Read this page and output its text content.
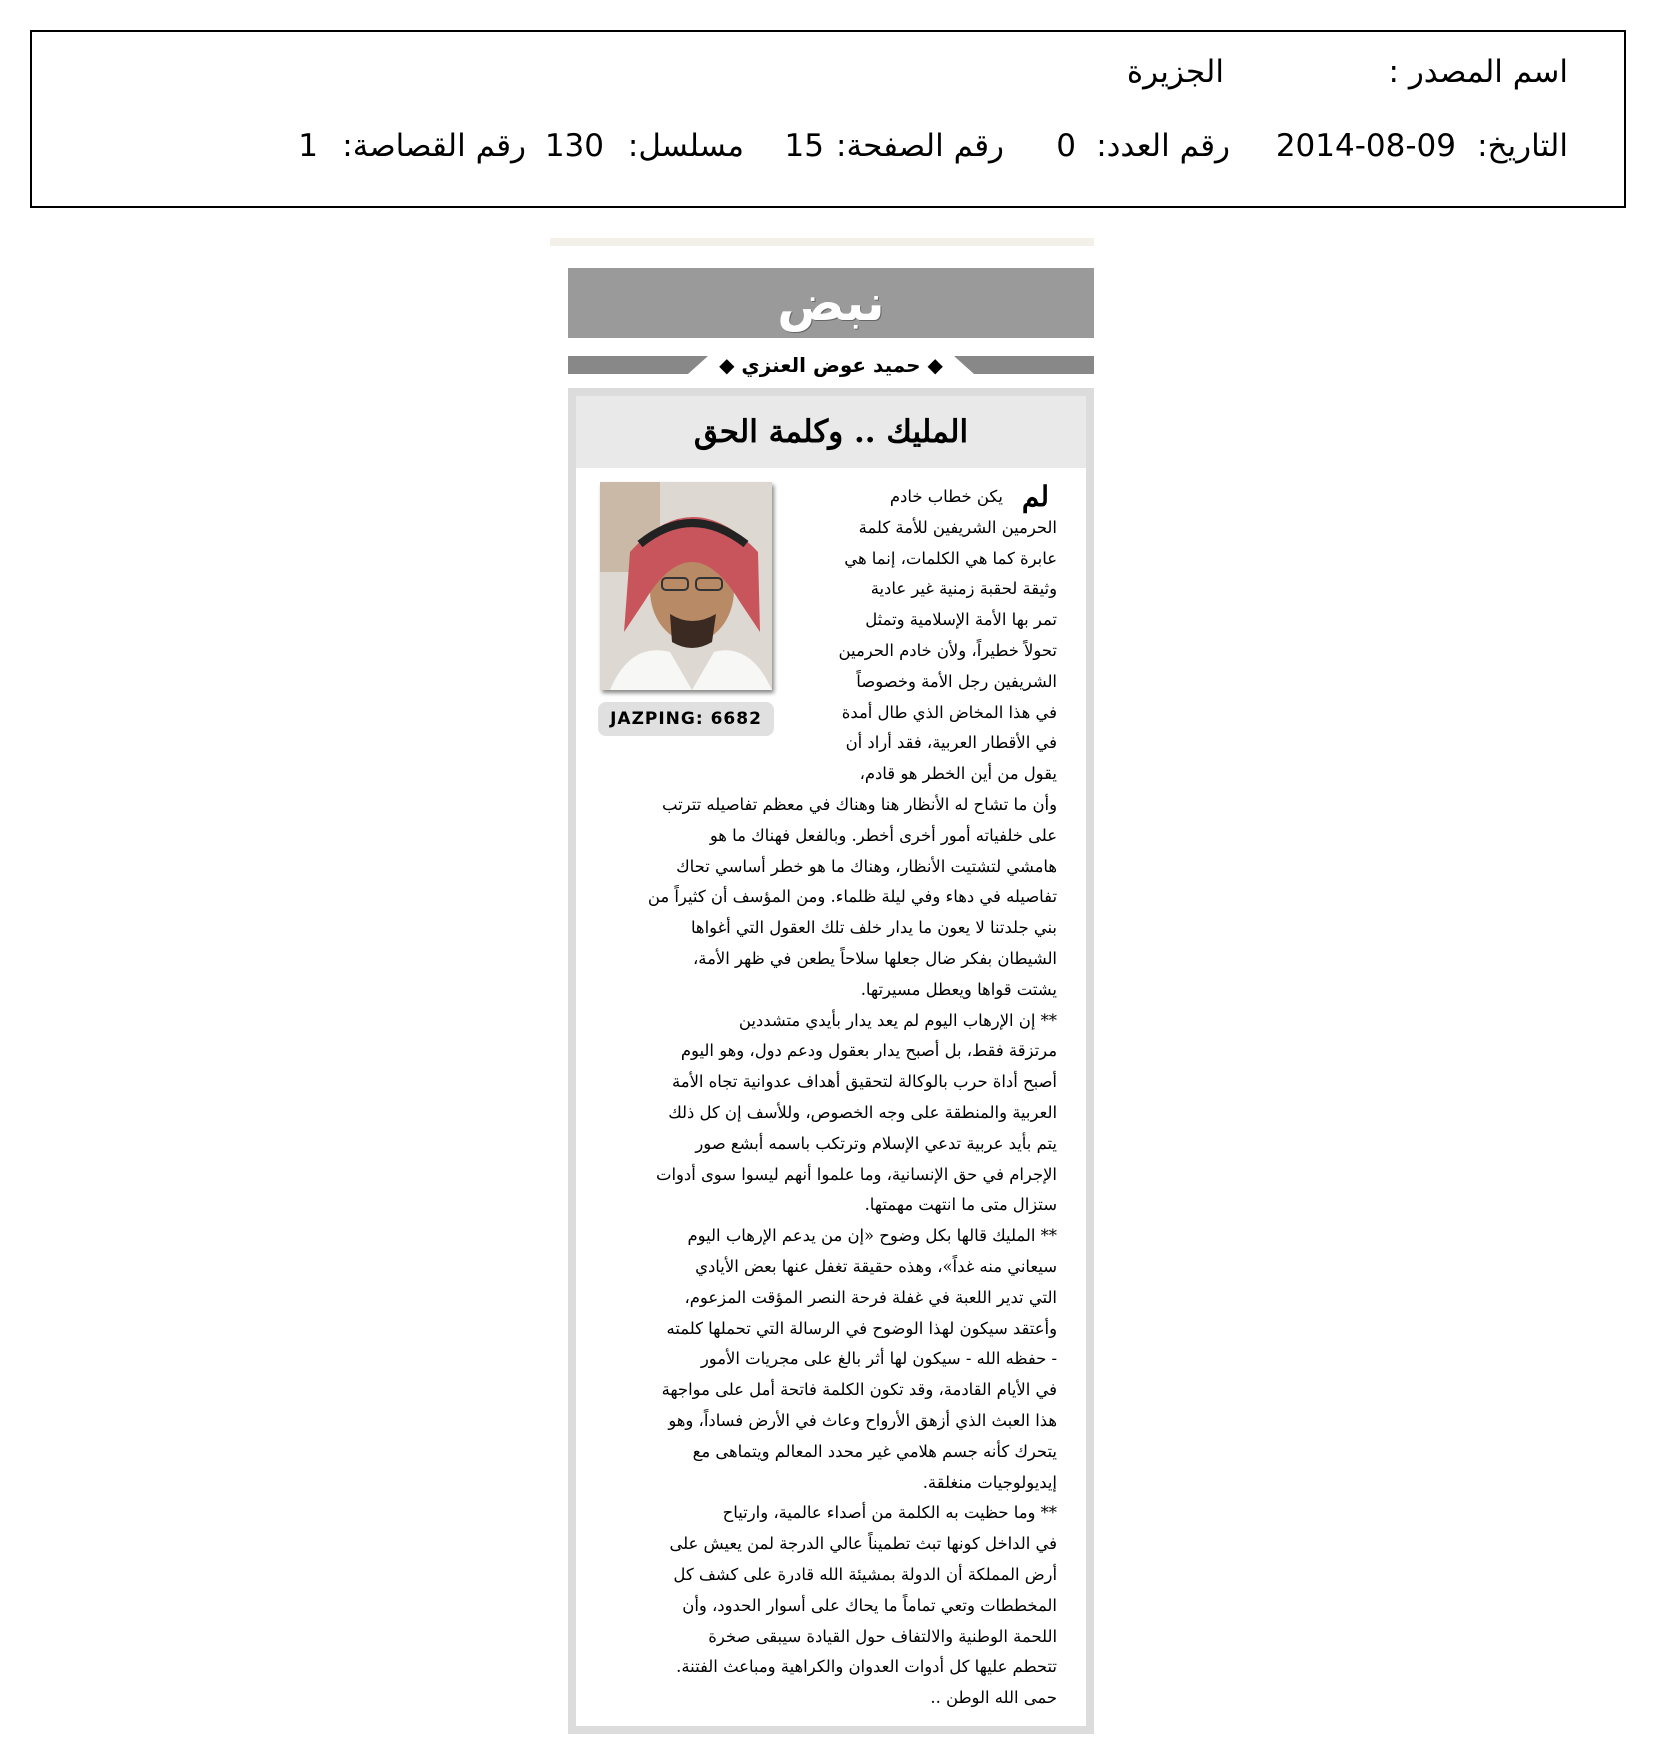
اسم المصدر :
الجزيرة
التاريخ:
2014-08-09
رقم العدد:
0
رقم الصفحة:
15
مسلسل:
130
رقم القصاصة:
1
نبض
◆ حميد عوض العنزي ◆
المليك .. وكلمة الحق
JAZPING: 6682
لم
يكن خطاب خادم
الحرمين الشريفين للأمة كلمة
عابرة كما هي الكلمات، إنما هي
وثيقة لحقبة زمنية غير عادية
تمر بها الأمة الإسلامية وتمثل
تحولاً خطيراً، ولأن خادم الحرمين
الشريفين رجل الأمة وخصوصاً
في هذا المخاض الذي طال أمدة
في الأقطار العربية، فقد أراد أن
يقول من أين الخطر هو قادم،
وأن ما تشاح له الأنظار هنا وهناك في معظم تفاصيله تترتب
على خلفياته أمور أخرى أخطر. وبالفعل فهناك ما هو
هامشي لتشتيت الأنظار، وهناك ما هو خطر أساسي تحاك
تفاصيله في دهاء وفي ليلة ظلماء. ومن المؤسف أن كثيراً من
بني جلدتنا لا يعون ما يدار خلف تلك العقول التي أغواها
الشيطان بفكر ضال جعلها سلاحاً يطعن في ظهر الأمة،
يشتت قواها ويعطل مسيرتها.
** إن الإرهاب اليوم لم يعد يدار بأيدي متشددين
مرتزقة فقط، بل أصبح يدار بعقول ودعم دول، وهو اليوم
أصبح أداة حرب بالوكالة لتحقيق أهداف عدوانية تجاه الأمة
العربية والمنطقة على وجه الخصوص، وللأسف إن كل ذلك
يتم بأيد عربية تدعي الإسلام وترتكب باسمه أبشع صور
الإجرام في حق الإنسانية، وما علموا أنهم ليسوا سوى أدوات
ستزال متى ما انتهت مهمتها.
** المليك قالها بكل وضوح «إن من يدعم الإرهاب اليوم
سيعاني منه غداً»، وهذه حقيقة تغفل عنها بعض الأيادي
التي تدير اللعبة في غفلة فرحة النصر المؤقت المزعوم،
وأعتقد سيكون لهذا الوضوح في الرسالة التي تحملها كلمته
- حفظه الله - سيكون لها أثر بالغ على مجريات الأمور
في الأيام القادمة، وقد تكون الكلمة فاتحة أمل على مواجهة
هذا العبث الذي أزهق الأرواح وعاث في الأرض فساداً، وهو
يتحرك كأنه جسم هلامي غير محدد المعالم ويتماهى مع
إيديولوجيات منغلقة.
** وما حظيت به الكلمة من أصداء عالمية، وارتياح
في الداخل كونها تبث تطميناً عالي الدرجة لمن يعيش على
أرض المملكة أن الدولة بمشيئة الله قادرة على كشف كل
المخططات وتعي تماماً ما يحاك على أسوار الحدود، وأن
اللحمة الوطنية والالتفاف حول القيادة سيبقى صخرة
تتحطم عليها كل أدوات العدوان والكراهية ومباعث الفتنة.
حمى الله الوطن ..
